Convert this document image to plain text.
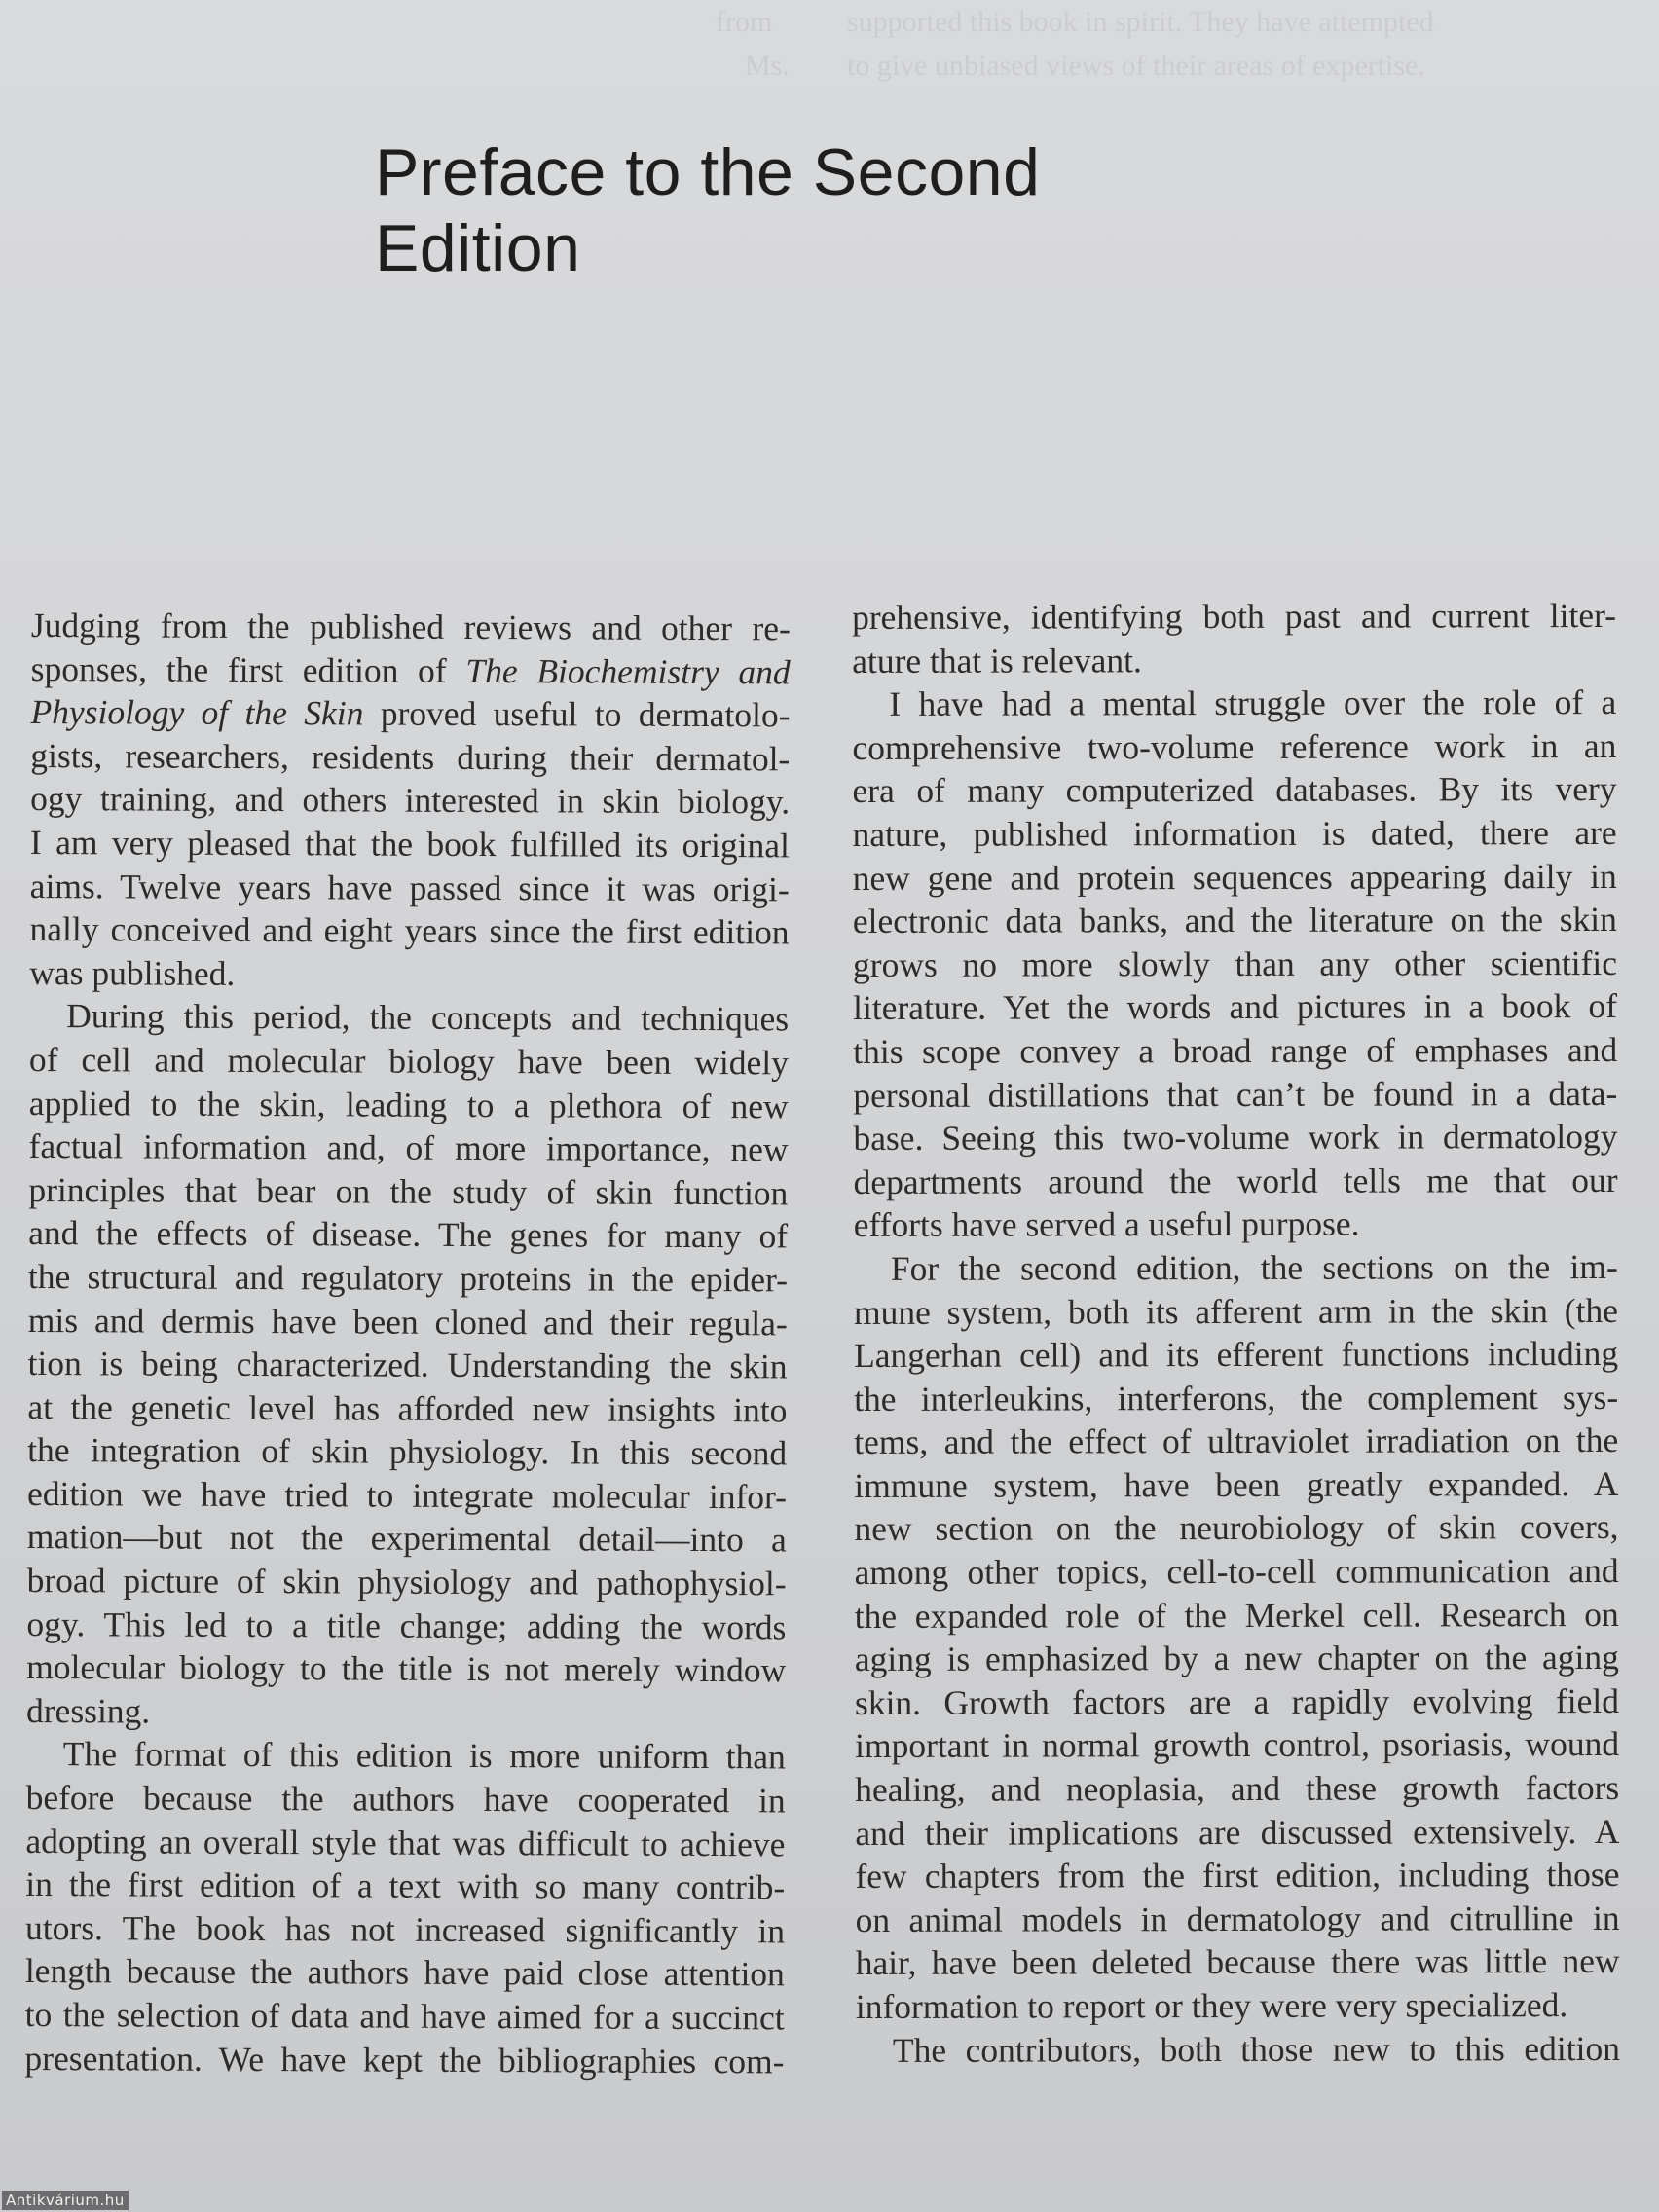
supported this book in spirit. They have attempted
to give unbiased views of their areas of expertise.
from
Ms.
Preface to the Second Edition
Judging from the published reviews and other re-
sponses, the first edition of The Biochemistry and
Physiology of the Skin proved useful to dermatolo-
gists, researchers, residents during their dermatol-
ogy training, and others interested in skin biology.
I am very pleased that the book fulfilled its original
aims. Twelve years have passed since it was origi-
nally conceived and eight years since the first edition
was published.
During this period, the concepts and techniques
of cell and molecular biology have been widely
applied to the skin, leading to a plethora of new
factual information and, of more importance, new
principles that bear on the study of skin function
and the effects of disease. The genes for many of
the structural and regulatory proteins in the epider-
mis and dermis have been cloned and their regula-
tion is being characterized. Understanding the skin
at the genetic level has afforded new insights into
the integration of skin physiology. In this second
edition we have tried to integrate molecular infor-
mation—but not the experimental detail—into a
broad picture of skin physiology and pathophysiol-
ogy. This led to a title change; adding the words
molecular biology to the title is not merely window
dressing.
The format of this edition is more uniform than
before because the authors have cooperated in
adopting an overall style that was difficult to achieve
in the first edition of a text with so many contrib-
utors. The book has not increased significantly in
length because the authors have paid close attention
to the selection of data and have aimed for a succinct
presentation. We have kept the bibliographies com-
prehensive, identifying both past and current liter-
ature that is relevant.
I have had a mental struggle over the role of a
comprehensive two-volume reference work in an
era of many computerized databases. By its very
nature, published information is dated, there are
new gene and protein sequences appearing daily in
electronic data banks, and the literature on the skin
grows no more slowly than any other scientific
literature. Yet the words and pictures in a book of
this scope convey a broad range of emphases and
personal distillations that can’t be found in a data-
base. Seeing this two-volume work in dermatology
departments around the world tells me that our
efforts have served a useful purpose.
For the second edition, the sections on the im-
mune system, both its afferent arm in the skin (the
Langerhan cell) and its efferent functions including
the interleukins, interferons, the complement sys-
tems, and the effect of ultraviolet irradiation on the
immune system, have been greatly expanded. A
new section on the neurobiology of skin covers,
among other topics, cell-to-cell communication and
the expanded role of the Merkel cell. Research on
aging is emphasized by a new chapter on the aging
skin. Growth factors are a rapidly evolving field
important in normal growth control, psoriasis, wound
healing, and neoplasia, and these growth factors
and their implications are discussed extensively. A
few chapters from the first edition, including those
on animal models in dermatology and citrulline in
hair, have been deleted because there was little new
information to report or they were very specialized.
The contributors, both those new to this edition
Antikvárium.hu
